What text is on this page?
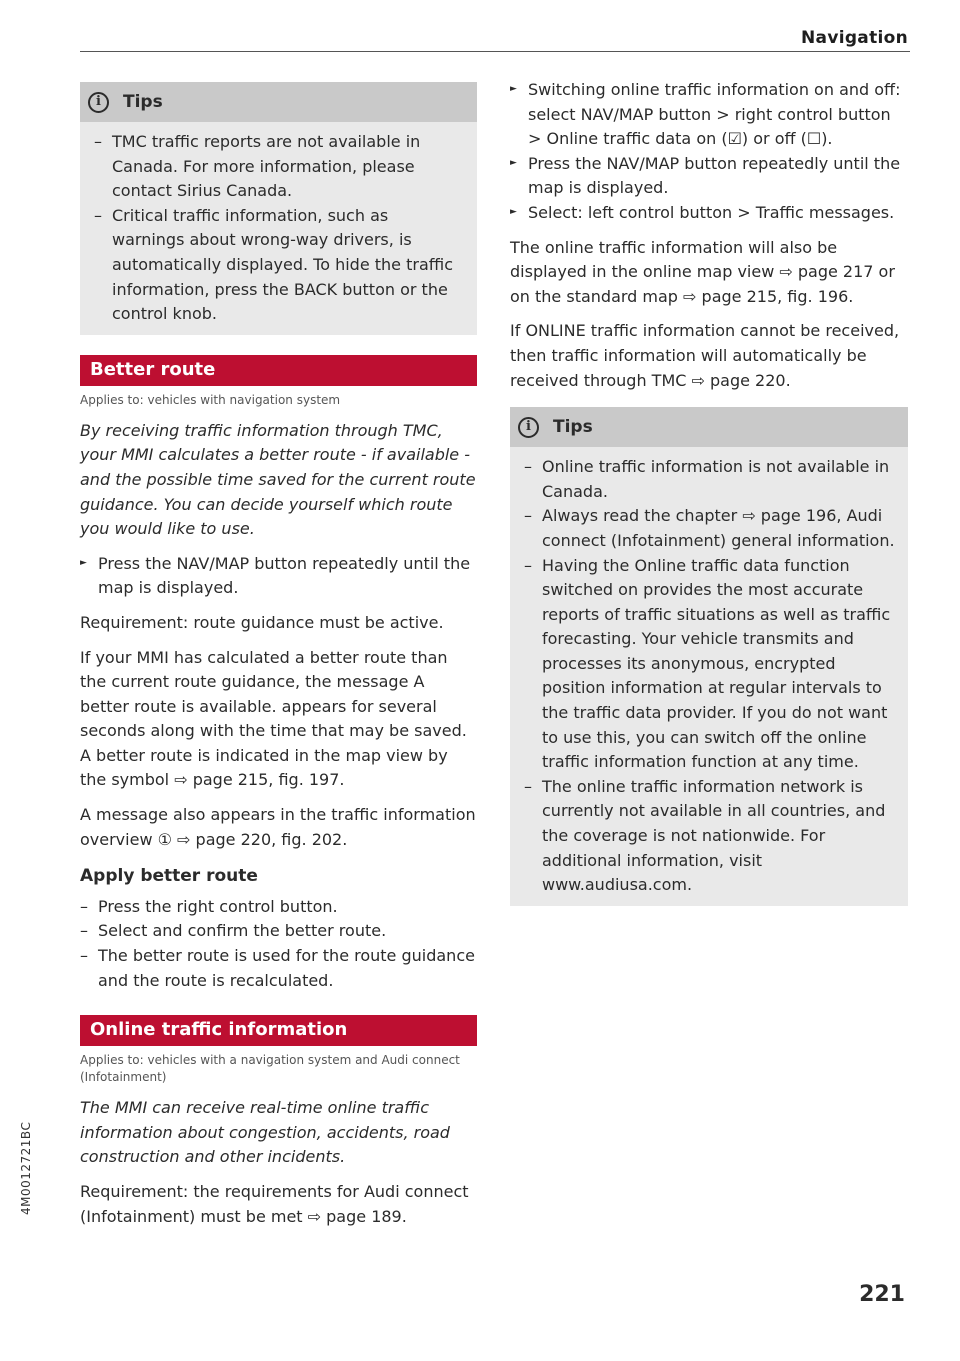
Navigation
i	Tips
– TMC traffic reports are not available in Canada. For more information, please contact Sirius Canada.
– Critical traffic information, such as warnings about wrong-way drivers, is automatically displayed. To hide the traffic information, press the BACK button or the control knob.
Better route
Applies to: vehicles with navigation system

By receiving traffic information through TMC, your MMI calculates a better route - if available - and the possible time saved for the current route guidance. You can decide yourself which route you would like to use.

► Press the NAV/MAP button repeatedly until the map is displayed.

Requirement: route guidance must be active.

If your MMI has calculated a better route than the current route guidance, the message A better route is available. appears for several seconds along with the time that may be saved. A better route is indicated in the map view by the symbol ⇨ page 215, fig. 197.

A message also appears in the traffic information overview ① ⇨ page 220, fig. 202.

Apply better route
– Press the right control button.
– Select and confirm the better route.
– The better route is used for the route guidance and the route is recalculated.
Online traffic information
Applies to: vehicles with a navigation system and Audi connect (Infotainment)

The MMI can receive real-time online traffic information about congestion, accidents, road construction and other incidents.

Requirement: the requirements for Audi connect (Infotainment) must be met ⇨ page 189.

► Switching online traffic information on and off: select NAV/MAP button > right control button > Online traffic data on (☑) or off (☐).
► Press the NAV/MAP button repeatedly until the map is displayed.
► Select: left control button > Traffic messages.

The online traffic information will also be displayed in the online map view ⇨ page 217 or on the standard map ⇨ page 215, fig. 196.

If ONLINE traffic information cannot be received, then traffic information will automatically be received through TMC ⇨ page 220.

i	Tips
– Online traffic information is not available in Canada.
– Always read the chapter ⇨ page 196, Audi connect (Infotainment) general information.
– Having the Online traffic data function switched on provides the most accurate reports of traffic situations as well as traffic forecasting. Your vehicle transmits and processes its anonymous, encrypted position information at regular intervals to the traffic data provider. If you do not want to use this, you can switch off the online traffic information function at any time.
– The online traffic information network is currently not available in all countries, and the coverage is not nationwide. For additional information, visit www.audiusa.com.
221
4M0012721BC
